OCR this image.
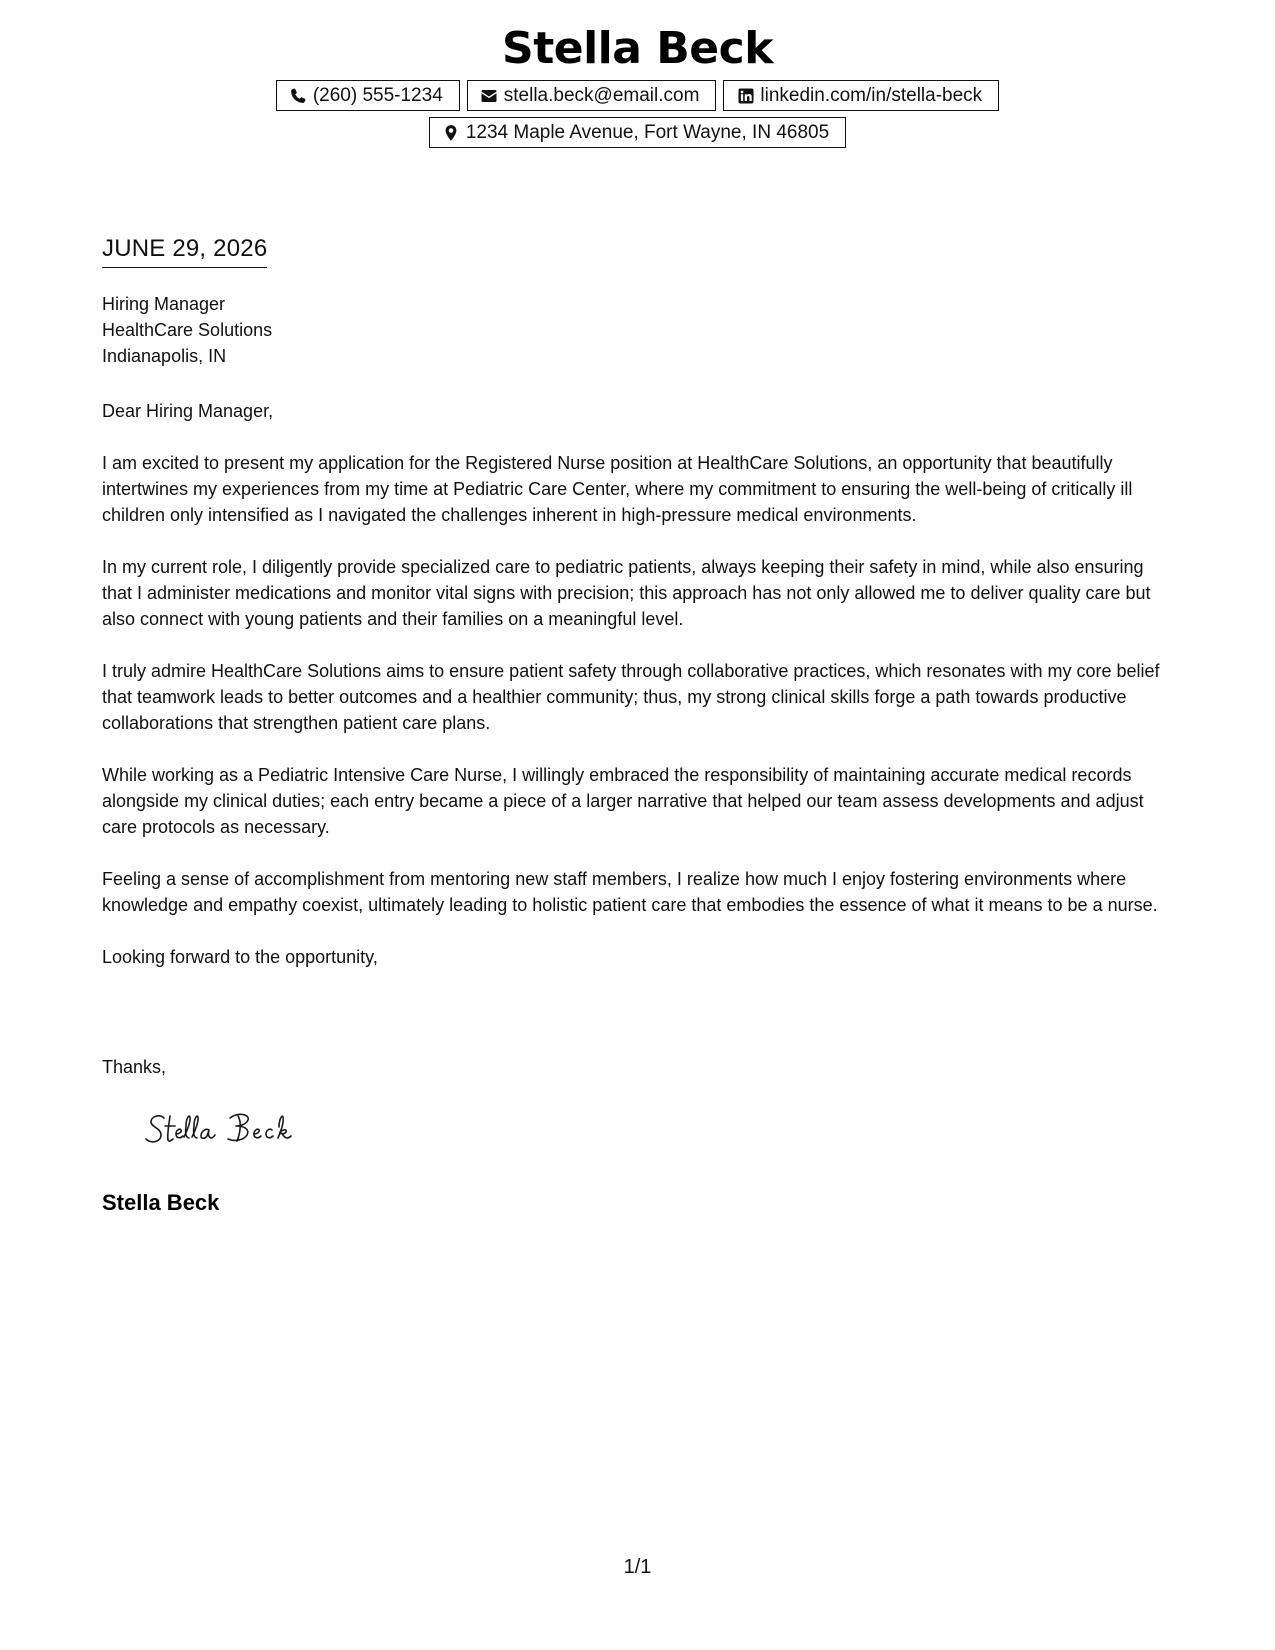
Stella Beck
(260) 555-1234	stella.beck@email.com	linkedin.com/in/stella-beck
1234 Maple Avenue, Fort Wayne, IN 46805
JUNE 29, 2026
Hiring Manager
HealthCare Solutions
Indianapolis, IN

Dear Hiring Manager,

I am excited to present my application for the Registered Nurse position at HealthCare Solutions, an opportunity that beautifully intertwines my experiences from my time at Pediatric Care Center, where my commitment to ensuring the well-being of critically ill children only intensified as I navigated the challenges inherent in high-pressure medical environments.

In my current role, I diligently provide specialized care to pediatric patients, always keeping their safety in mind, while also ensuring that I administer medications and monitor vital signs with precision; this approach has not only allowed me to deliver quality care but also connect with young patients and their families on a meaningful level.

I truly admire HealthCare Solutions aims to ensure patient safety through collaborative practices, which resonates with my core belief that teamwork leads to better outcomes and a healthier community; thus, my strong clinical skills forge a path towards productive collaborations that strengthen patient care plans.

While working as a Pediatric Intensive Care Nurse, I willingly embraced the responsibility of maintaining accurate medical records alongside my clinical duties; each entry became a piece of a larger narrative that helped our team assess developments and adjust care protocols as necessary.

Feeling a sense of accomplishment from mentoring new staff members, I realize how much I enjoy fostering environments where knowledge and empathy coexist, ultimately leading to holistic patient care that embodies the essence of what it means to be a nurse.

Looking forward to the opportunity,

Thanks,
Stella Beck
1/1
